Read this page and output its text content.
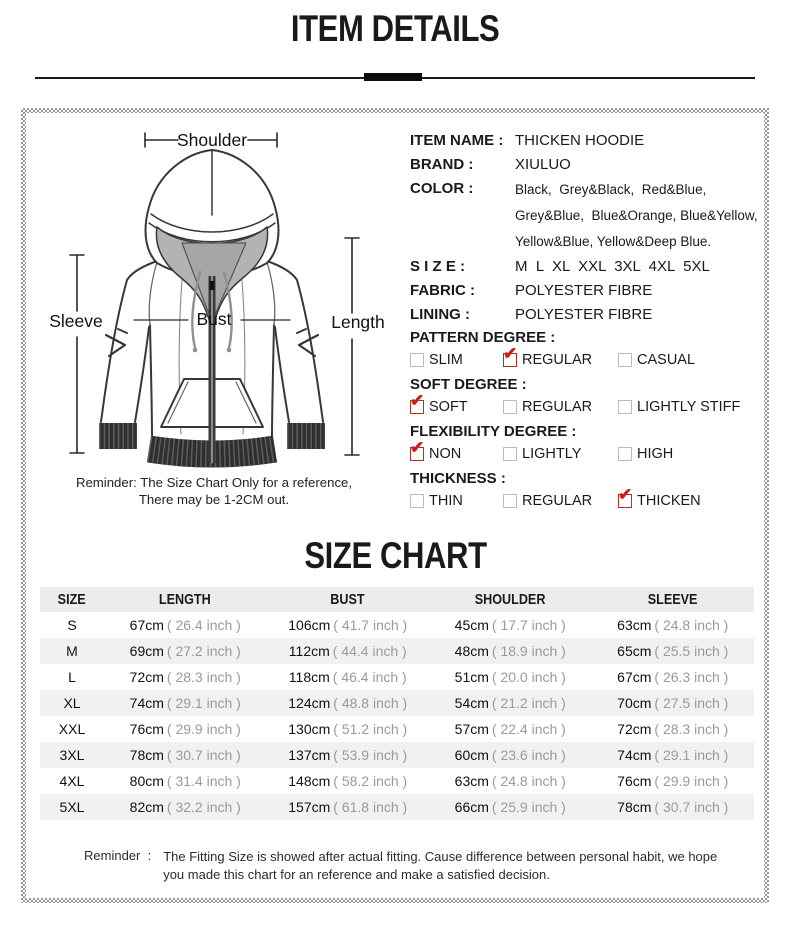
ITEM DETAILS
Shoulder
Sleeve	Bust	Length
Reminder: The Size Chart Only for a reference,
There may be 1-2CM out.
ITEM NAME : THICKEN HOODIE
BRAND :	XIULUO
COLOR :	Black,  Grey&Black,  Red&Blue,
Grey&Blue,  Blue&Orange, Blue&Yellow,
Yellow&Blue, Yellow&Deep Blue.
S I Z E :	M  L  XL  XXL  3XL  4XL  5XL
FABRIC :	POLYESTER FIBRE
LINING :	POLYESTER FIBRE
PATTERN DEGREE :
SLIM ✔ REGULAR	CASUAL
SOFT DEGREE :
✔ SOFT	REGULAR	LIGHTLY STIFF
FLEXIBILITY DEGREE :
✔ NON	LIGHTLY	HIGH
THICKNESS :
THIN	REGULAR ✔ THICKEN
SIZE CHART
SIZE	LENGTH	BUST	SHOULDER	SLEEVE
S	67cm ( 26.4 inch )	106cm ( 41.7 inch )	45cm ( 17.7 inch )	63cm ( 24.8 inch )
M	69cm ( 27.2 inch )	112cm ( 44.4 inch )	48cm ( 18.9 inch )	65cm ( 25.5 inch )
L	72cm ( 28.3 inch )	118cm ( 46.4 inch )	51cm ( 20.0 inch )	67cm ( 26.3 inch )
XL	74cm ( 29.1 inch )	124cm ( 48.8 inch )	54cm ( 21.2 inch )	70cm ( 27.5 inch )
XXL	76cm ( 29.9 inch )	130cm ( 51.2 inch )	57cm ( 22.4 inch )	72cm ( 28.3 inch )
3XL	78cm ( 30.7 inch )	137cm ( 53.9 inch )	60cm ( 23.6 inch )	74cm ( 29.1 inch )
4XL	80cm ( 31.4 inch )	148cm ( 58.2 inch )	63cm ( 24.8 inch )	76cm ( 29.9 inch )
5XL	82cm ( 32.2 inch )	157cm ( 61.8 inch )	66cm ( 25.9 inch )	78cm ( 30.7 inch )
Reminder  : The Fitting Size is showed after actual fitting. Cause difference between personal habit, we hope
you made this chart for an reference and make a satisfied decision.
